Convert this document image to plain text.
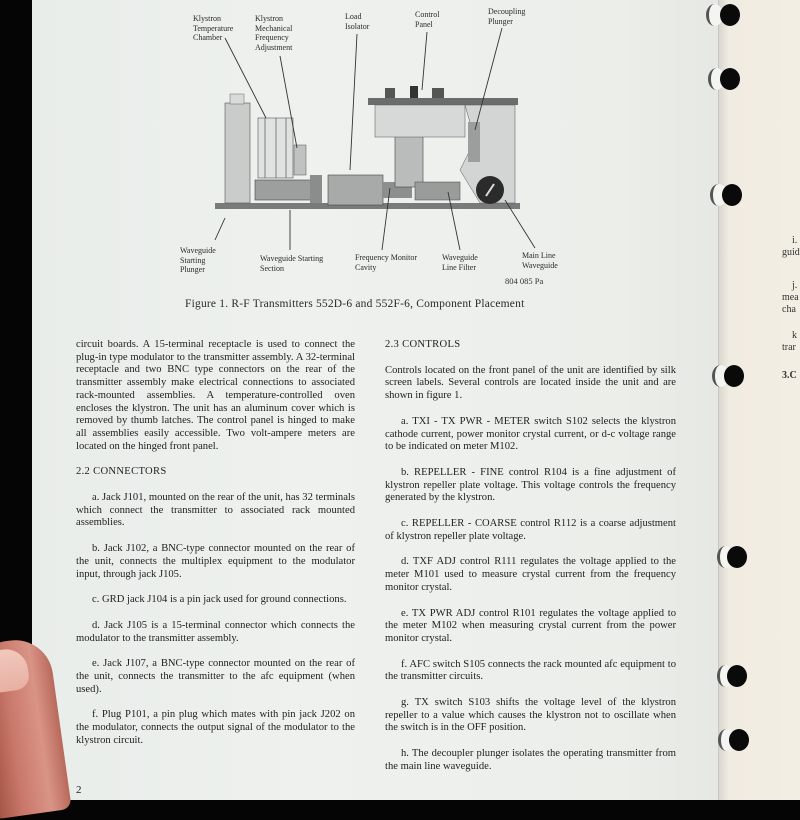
i.
guid
j.
mea
cha
k
trar
3.C
Klystron Temperature Chamber
Klystron Mechanical Frequency Adjustment
Load Isolator
Control Panel
Decoupling Plunger
Waveguide Starting Plunger
Waveguide Starting Section
Frequency Monitor Cavity
Waveguide Line Filter
Main Line Waveguide
804 085 Pa
Figure 1. R-F Transmitters 552D-6 and 552F-6, Component Placement

circuit boards. A 15-terminal receptacle is used to connect the plug-in type modulator to the transmitter assembly. A 32-terminal receptacle and two BNC type connectors on the rear of the transmitter assembly make electrical connections to associated rack-mounted assemblies. A temperature-controlled oven encloses the klystron. The unit has an aluminum cover which is removed by thumb latches. The control panel is hinged to make all assemblies easily accessible. Two volt-ampere meters are located on the hinged front panel.

2.2 CONNECTORS

a. Jack J101, mounted on the rear of the unit, has 32 terminals which connect the transmitter to associated rack mounted assemblies.

b. Jack J102, a BNC-type connector mounted on the rear of the unit, connects the multiplex equipment to the modulator input, through jack J105.

c. GRD jack J104 is a pin jack used for ground connections.

d. Jack J105 is a 15-terminal connector which connects the modulator to the transmitter assembly.

e. Jack J107, a BNC-type connector mounted on the rear of the unit, connects the transmitter to the afc equipment (when used).

f. Plug P101, a pin plug which mates with pin jack J202 on the modulator, connects the output signal of the modulator to the klystron circuit.

2.3 CONTROLS

Controls located on the front panel of the unit are identified by silk screen labels. Several controls are located inside the unit and are shown in figure 1.

a. TXI - TX PWR - METER switch S102 selects the klystron cathode current, power monitor crystal current, or d-c voltage range to be indicated on meter M102.

b. REPELLER - FINE control R104 is a fine adjustment of klystron repeller plate voltage. This voltage controls the frequency generated by the klystron.

c. REPELLER - COARSE control R112 is a coarse adjustment of klystron repeller plate voltage.

d. TXF ADJ control R111 regulates the voltage applied to the meter M101 used to measure crystal current from the frequency monitor crystal.

e. TX PWR ADJ control R101 regulates the voltage applied to the meter M102 when measuring crystal current from the power monitor crystal.

f. AFC switch S105 connects the rack mounted afc equipment to the transmitter circuits.

g. TX switch S103 shifts the voltage level of the klystron repeller to a value which causes the klystron not to oscillate when the switch is in the OFF position.

h. The decoupler plunger isolates the operating transmitter from the main line waveguide.

2
